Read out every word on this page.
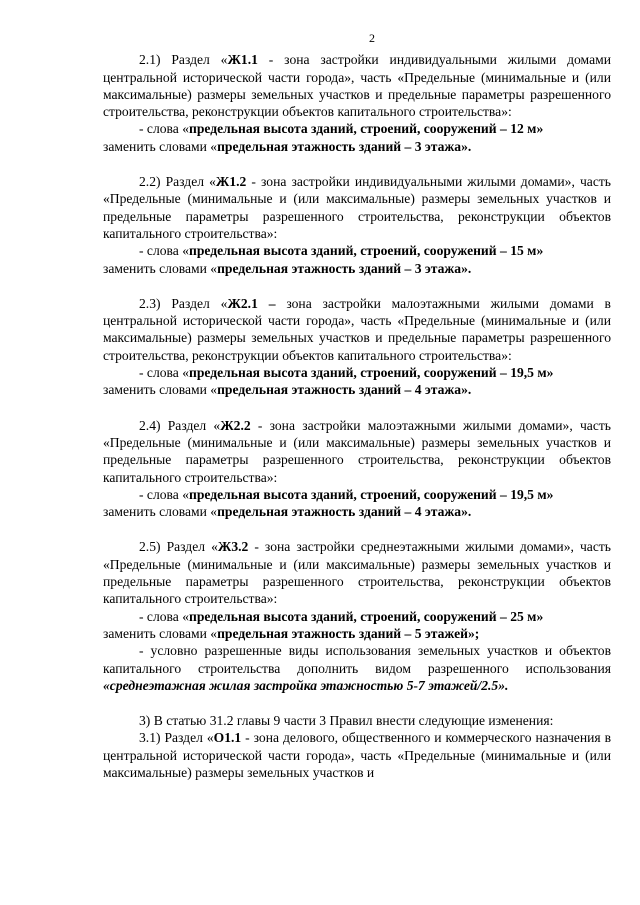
2

2.1) Раздел «Ж1.1 - зона застройки индивидуальными жилыми домами центральной исторической части города», часть «Предельные (минимальные и (или максимальные) размеры земельных участков и предельные параметры разрешенного строительства, реконструкции объектов капитального строительства»:

- слова «предельная высота зданий, строений, сооружений – 12 м»

заменить словами «предельная этажность зданий – 3 этажа».

2.2) Раздел «Ж1.2 - зона застройки индивидуальными жилыми домами», часть «Предельные (минимальные и (или максимальные) размеры земельных участков и предельные параметры разрешенного строительства, реконструкции объектов капитального строительства»:

- слова «предельная высота зданий, строений, сооружений – 15 м»

заменить словами «предельная этажность зданий – 3 этажа».

2.3) Раздел «Ж2.1 – зона застройки малоэтажными жилыми домами в центральной исторической части города», часть «Предельные (минимальные и (или максимальные) размеры земельных участков и предельные параметры разрешенного строительства, реконструкции объектов капитального строительства»:

- слова «предельная высота зданий, строений, сооружений – 19,5 м»

заменить словами «предельная этажность зданий – 4 этажа».

2.4) Раздел «Ж2.2 - зона застройки малоэтажными жилыми домами», часть «Предельные (минимальные и (или максимальные) размеры земельных участков и предельные параметры разрешенного строительства, реконструкции объектов капитального строительства»:

- слова «предельная высота зданий, строений, сооружений – 19,5 м»

заменить словами «предельная этажность зданий – 4 этажа».

2.5) Раздел «Ж3.2 - зона застройки среднеэтажными жилыми домами», часть «Предельные (минимальные и (или максимальные) размеры земельных участков и предельные параметры разрешенного строительства, реконструкции объектов капитального строительства»:

- слова «предельная высота зданий, строений, сооружений – 25 м»

заменить словами «предельная этажность зданий – 5 этажей»;

- условно разрешенные виды использования земельных участков и объектов капитального строительства дополнить видом разрешенного использования «среднеэтажная жилая застройка этажностью 5-7 этажей/2.5».

3) В статью 31.2 главы 9 части 3 Правил внести следующие изменения:

3.1) Раздел «О1.1 - зона делового, общественного и коммерческого назначения в центральной исторической части города», часть «Предельные (минимальные и (или максимальные) размеры земельных участков и
